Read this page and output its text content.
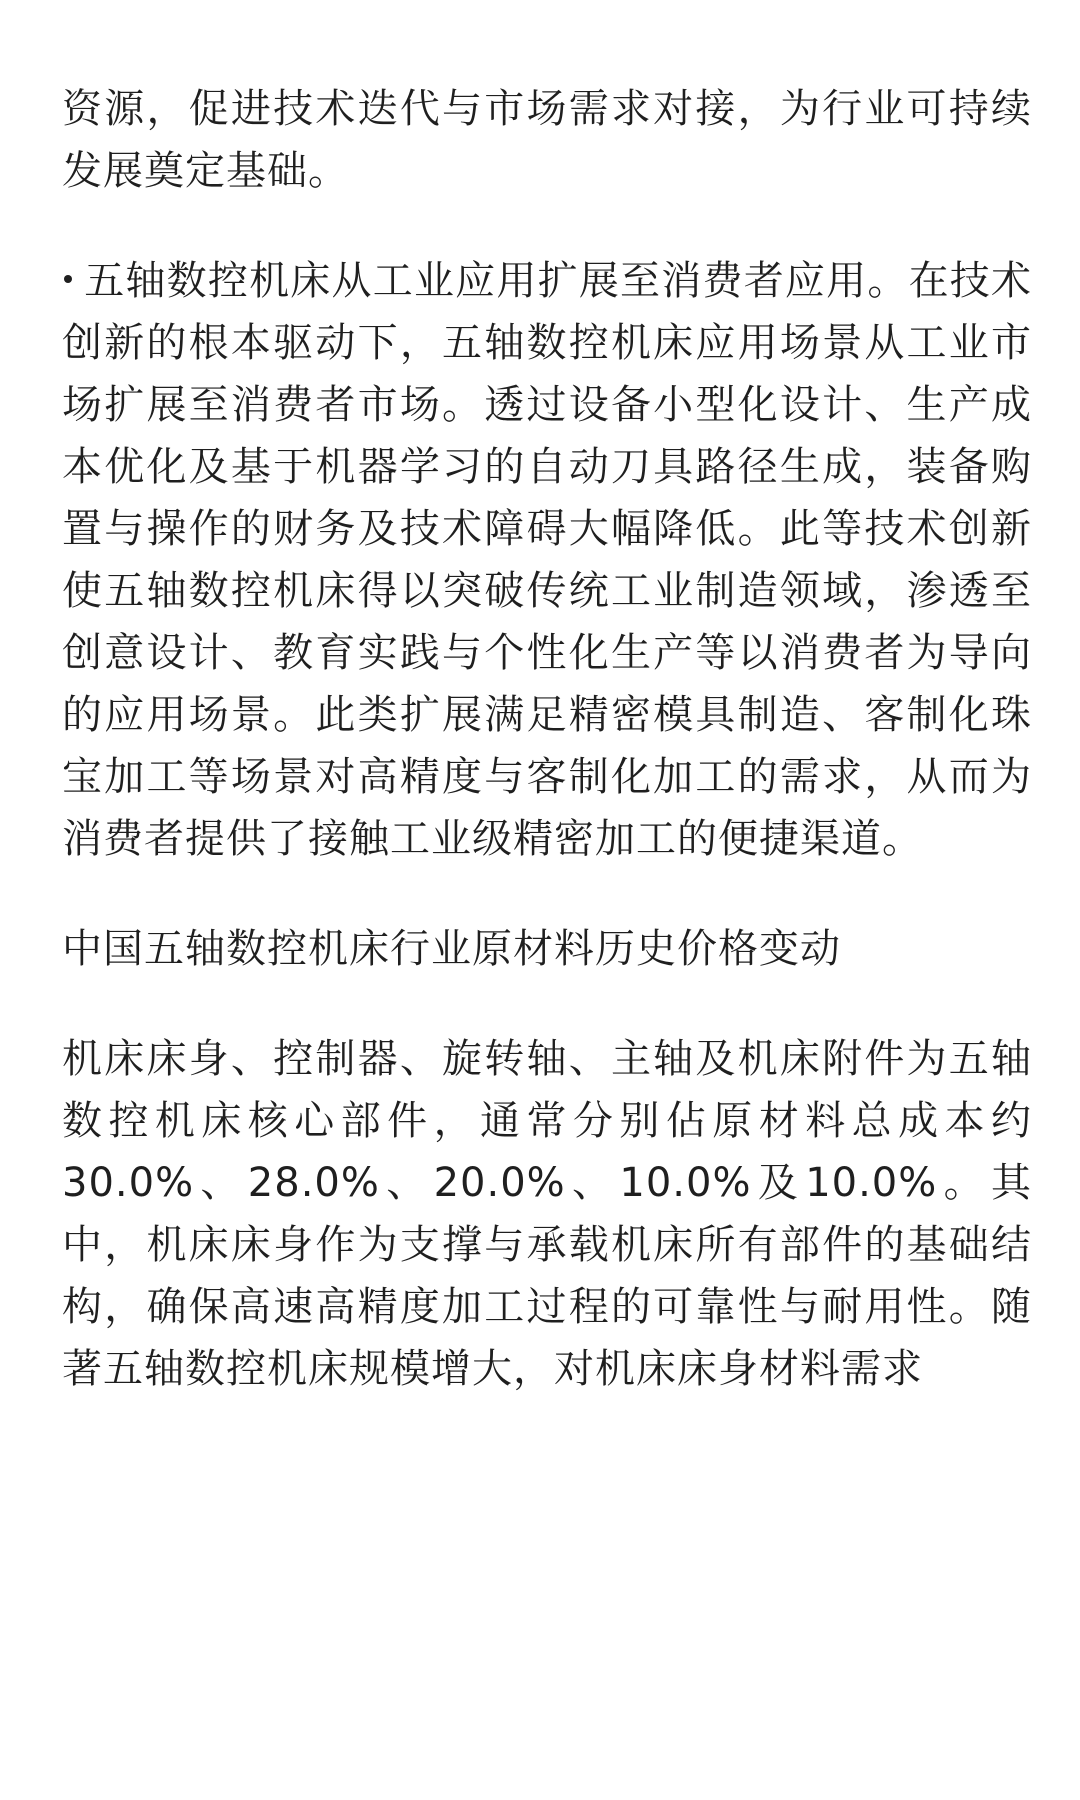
资源，促进技术迭代与市场需求对接，为行业可持续发展奠定基础。

五轴数控机床从工业应用扩展至消费者应用。在技术创新的根本驱动下，五轴数控机床应用场景从工业市场扩展至消费者市场。透过设备小型化设计、生产成本优化及基于机器学习的自动刀具路径生成，装备购置与操作的财务及技术障碍大幅降低。此等技术创新使五轴数控机床得以突破传统工业制造领域，渗透至创意设计、教育实践与个性化生产等以消费者为导向的应用场景。此类扩展满足精密模具制造、客制化珠宝加工等场景对高精度与客制化加工的需求，从而为消费者提供了接触工业级精密加工的便捷渠道。

中国五轴数控机床行业原材料历史价格变动

机床床身、控制器、旋转轴、主轴及机床附件为五轴数控机床核心部件，通常分别佔原材料总成本约30.0%、28.0%、20.0%、10.0%及10.0%。其中，机床床身作为支撑与承载机床所有部件的基础结构，确保高速高精度加工过程的可靠性与耐用性。随著五轴数控机床规模增大，对机床床身材料需求
